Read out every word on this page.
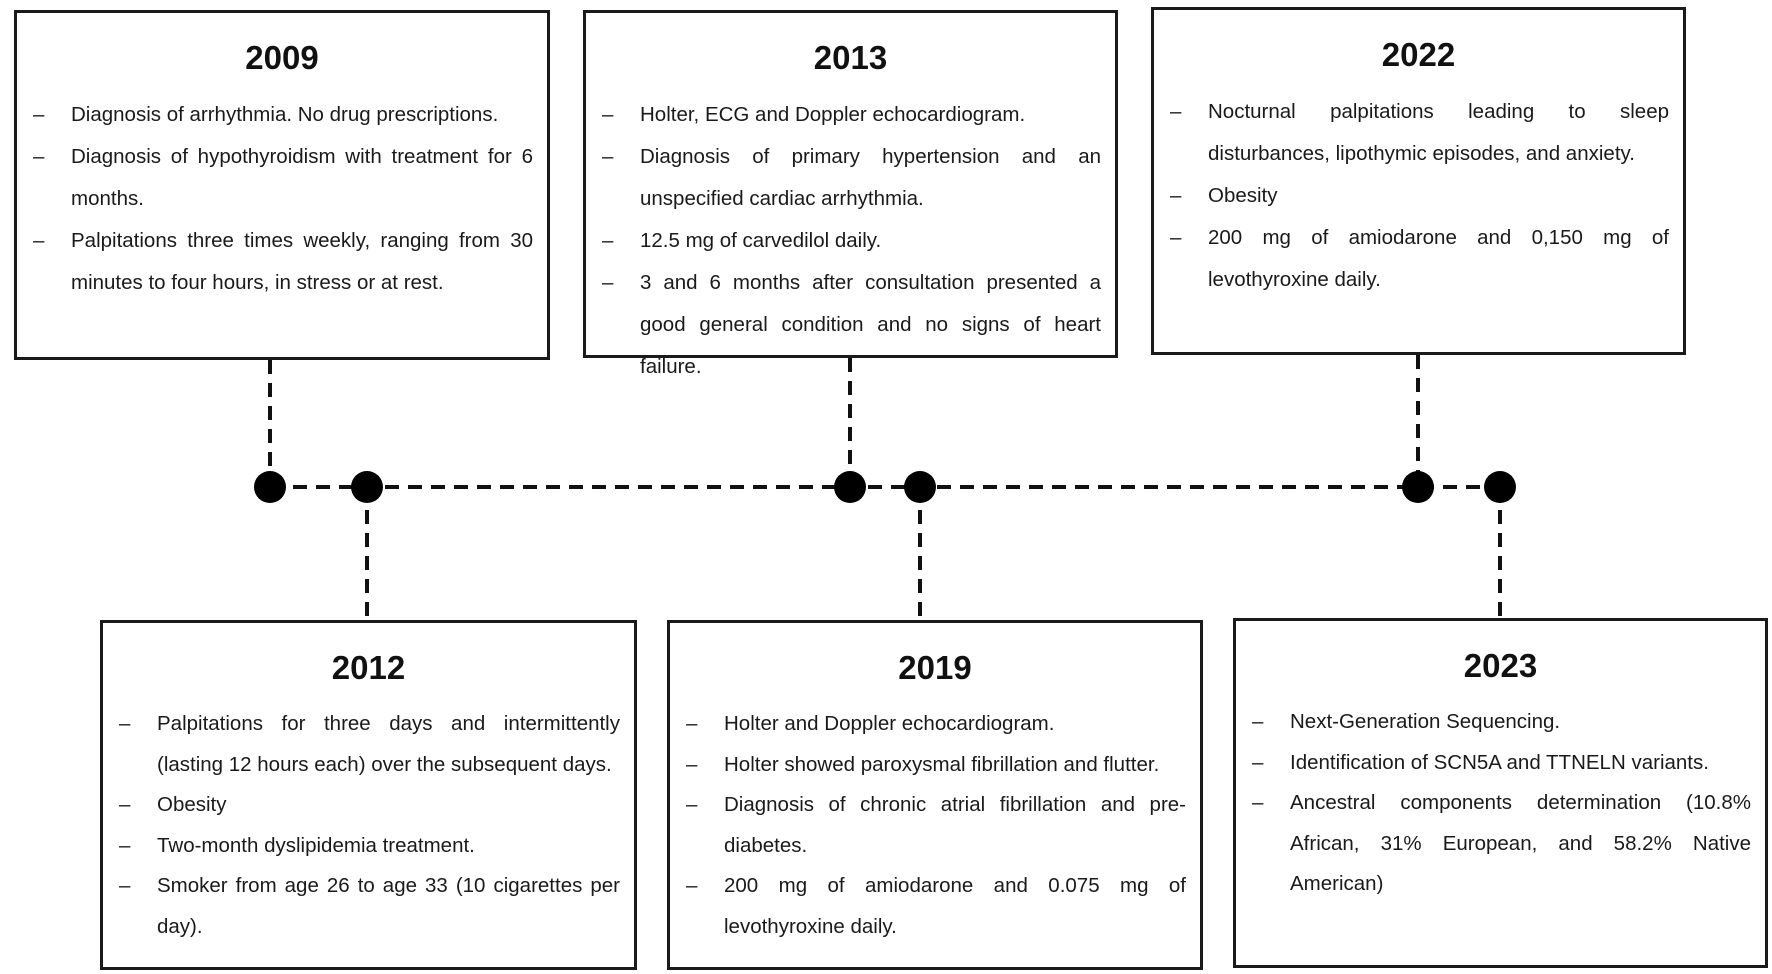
2009
– Diagnosis of arrhythmia. No drug prescriptions.
– Diagnosis of hypothyroidism with treatment for 6 months.
– Palpitations three times weekly, ranging from 30 minutes to four hours, in stress or at rest.
2013
– Holter, ECG and Doppler echocardiogram.
– Diagnosis of primary hypertension and an unspecified cardiac arrhythmia.
– 12.5 mg of carvedilol daily.
– 3 and 6 months after consultation presented a good general condition and no signs of heart failure.
2022
– Nocturnal palpitations leading to sleep disturbances, lipothymic episodes, and anxiety.
– Obesity
– 200 mg of amiodarone and 0,150 mg of levothyroxine daily.
2012
– Palpitations for three days and intermittently (lasting 12 hours each) over the subsequent days.
– Obesity
– Two-month dyslipidemia treatment.
– Smoker from age 26 to age 33 (10 cigarettes per day).
2019
– Holter and Doppler echocardiogram.
– Holter showed paroxysmal fibrillation and flutter.
– Diagnosis of chronic atrial fibrillation and pre-diabetes.
– 200 mg of amiodarone and 0.075 mg of levothyroxine daily.
2023
– Next-Generation Sequencing.
– Identification of SCN5A and TTNELN variants.
– Ancestral components determination (10.8% African, 31% European, and 58.2% Native American)
